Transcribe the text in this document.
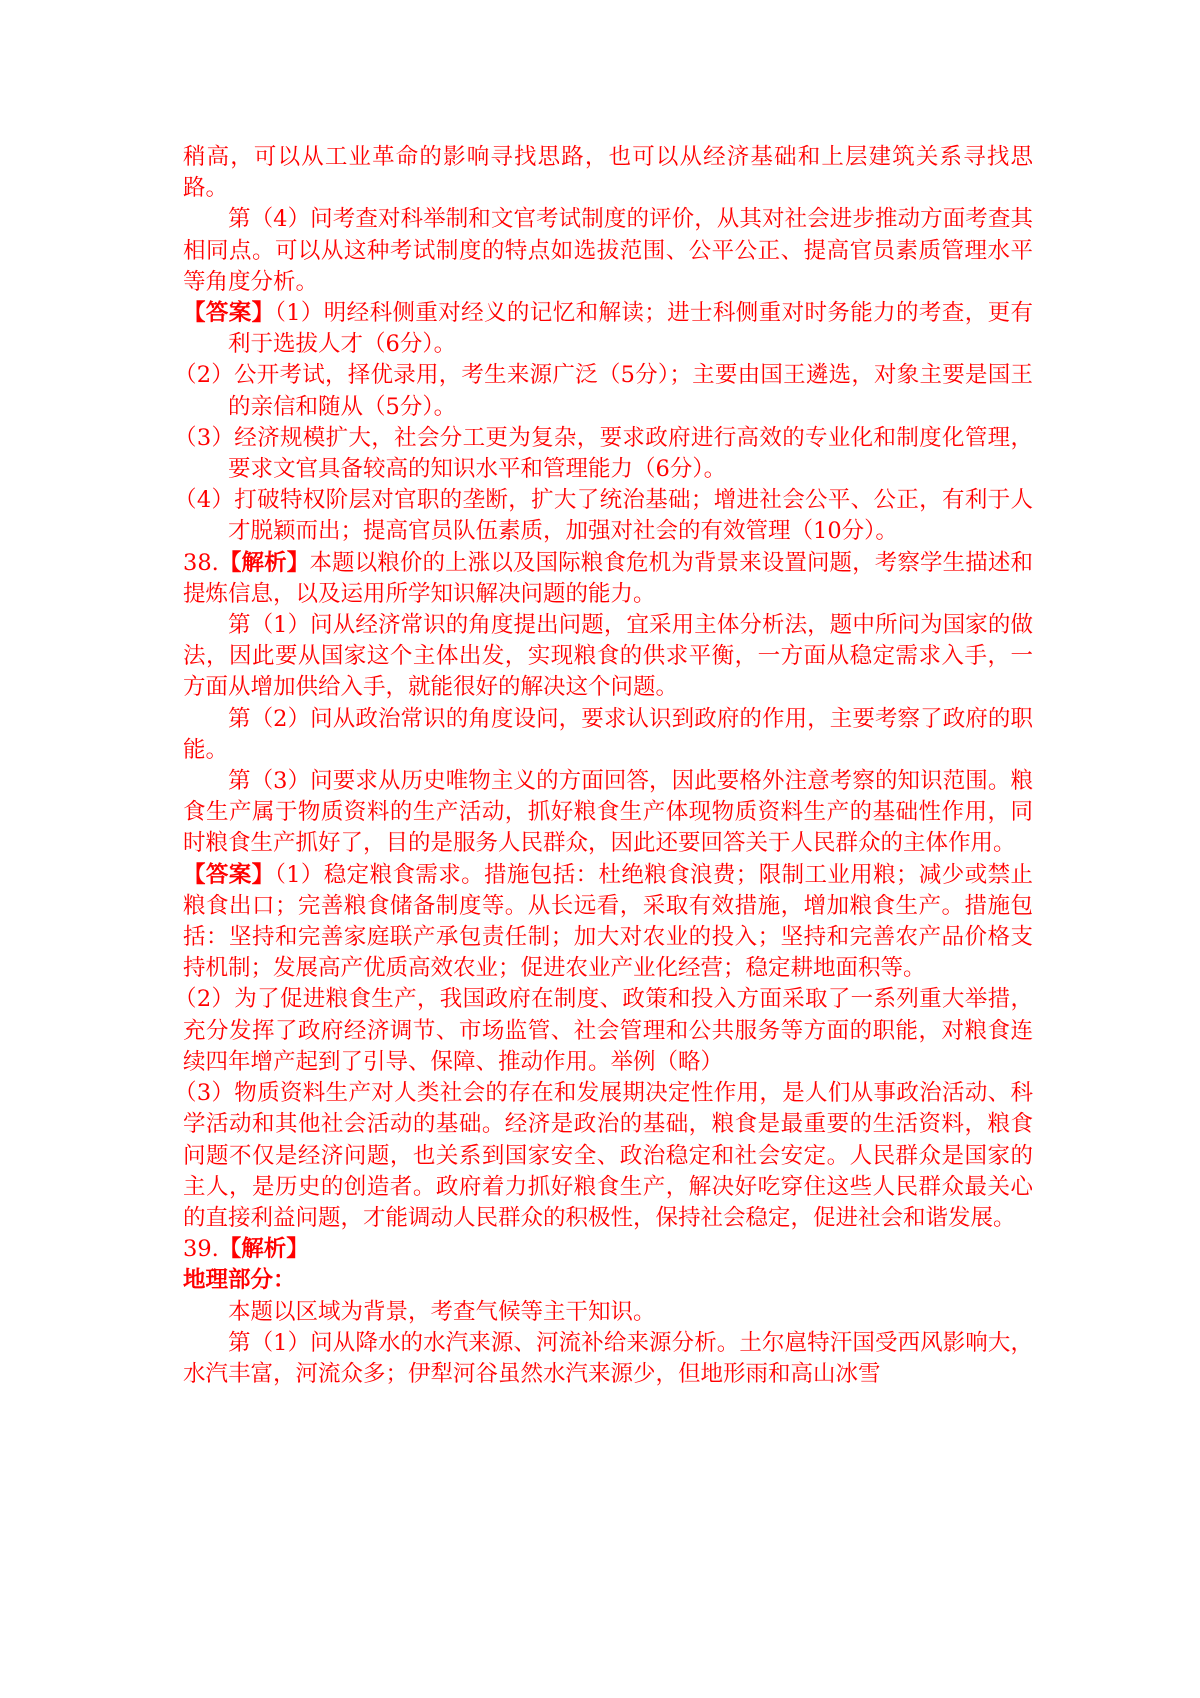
稍高，可以从工业革命的影响寻找思路，也可以从经济基础和上层建筑关系寻找思路。

第（4）问考查对科举制和文官考试制度的评价，从其对社会进步推动方面考查其相同点。可以从这种考试制度的特点如选拔范围、公平公正、提高官员素质管理水平等角度分析。

【答案】（1）明经科侧重对经义的记忆和解读；进士科侧重对时务能力的考查，更有利于选拔人才（6分）。

（2）公开考试，择优录用，考生来源广泛（5分）；主要由国王遴选，对象主要是国王的亲信和随从（5分）。

（3）经济规模扩大，社会分工更为复杂，要求政府进行高效的专业化和制度化管理，要求文官具备较高的知识水平和管理能力（6分）。

（4）打破特权阶层对官职的垄断，扩大了统治基础；增进社会公平、公正，有利于人才脱颖而出；提高官员队伍素质，加强对社会的有效管理（10分）。

38.【解析】本题以粮价的上涨以及国际粮食危机为背景来设置问题，考察学生描述和提炼信息，以及运用所学知识解决问题的能力。

第（1）问从经济常识的角度提出问题，宜采用主体分析法，题中所问为国家的做法，因此要从国家这个主体出发，实现粮食的供求平衡，一方面从稳定需求入手，一方面从增加供给入手，就能很好的解决这个问题。

第（2）问从政治常识的角度设问，要求认识到政府的作用，主要考察了政府的职能。

第（3）问要求从历史唯物主义的方面回答，因此要格外注意考察的知识范围。粮食生产属于物质资料的生产活动，抓好粮食生产体现物质资料生产的基础性作用，同时粮食生产抓好了，目的是服务人民群众，因此还要回答关于人民群众的主体作用。

【答案】（1）稳定粮食需求。措施包括：杜绝粮食浪费；限制工业用粮；减少或禁止粮食出口；完善粮食储备制度等。从长远看，采取有效措施，增加粮食生产。措施包括：坚持和完善家庭联产承包责任制；加大对农业的投入；坚持和完善农产品价格支持机制；发展高产优质高效农业；促进农业产业化经营；稳定耕地面积等。

（2）为了促进粮食生产，我国政府在制度、政策和投入方面采取了一系列重大举措，充分发挥了政府经济调节、市场监管、社会管理和公共服务等方面的职能，对粮食连续四年增产起到了引导、保障、推动作用。举例（略）

（3）物质资料生产对人类社会的存在和发展期决定性作用，是人们从事政治活动、科学活动和其他社会活动的基础。经济是政治的基础，粮食是最重要的生活资料，粮食问题不仅是经济问题，也关系到国家安全、政治稳定和社会安定。人民群众是国家的主人，是历史的创造者。政府着力抓好粮食生产，解决好吃穿住这些人民群众最关心的直接利益问题，才能调动人民群众的积极性，保持社会稳定，促进社会和谐发展。

39.【解析】

地理部分：

本题以区域为背景，考查气候等主干知识。

第（1）问从降水的水汽来源、河流补给来源分析。土尔扈特汗国受西风影响大，水汽丰富，河流众多；伊犁河谷虽然水汽来源少，但地形雨和高山冰雪
